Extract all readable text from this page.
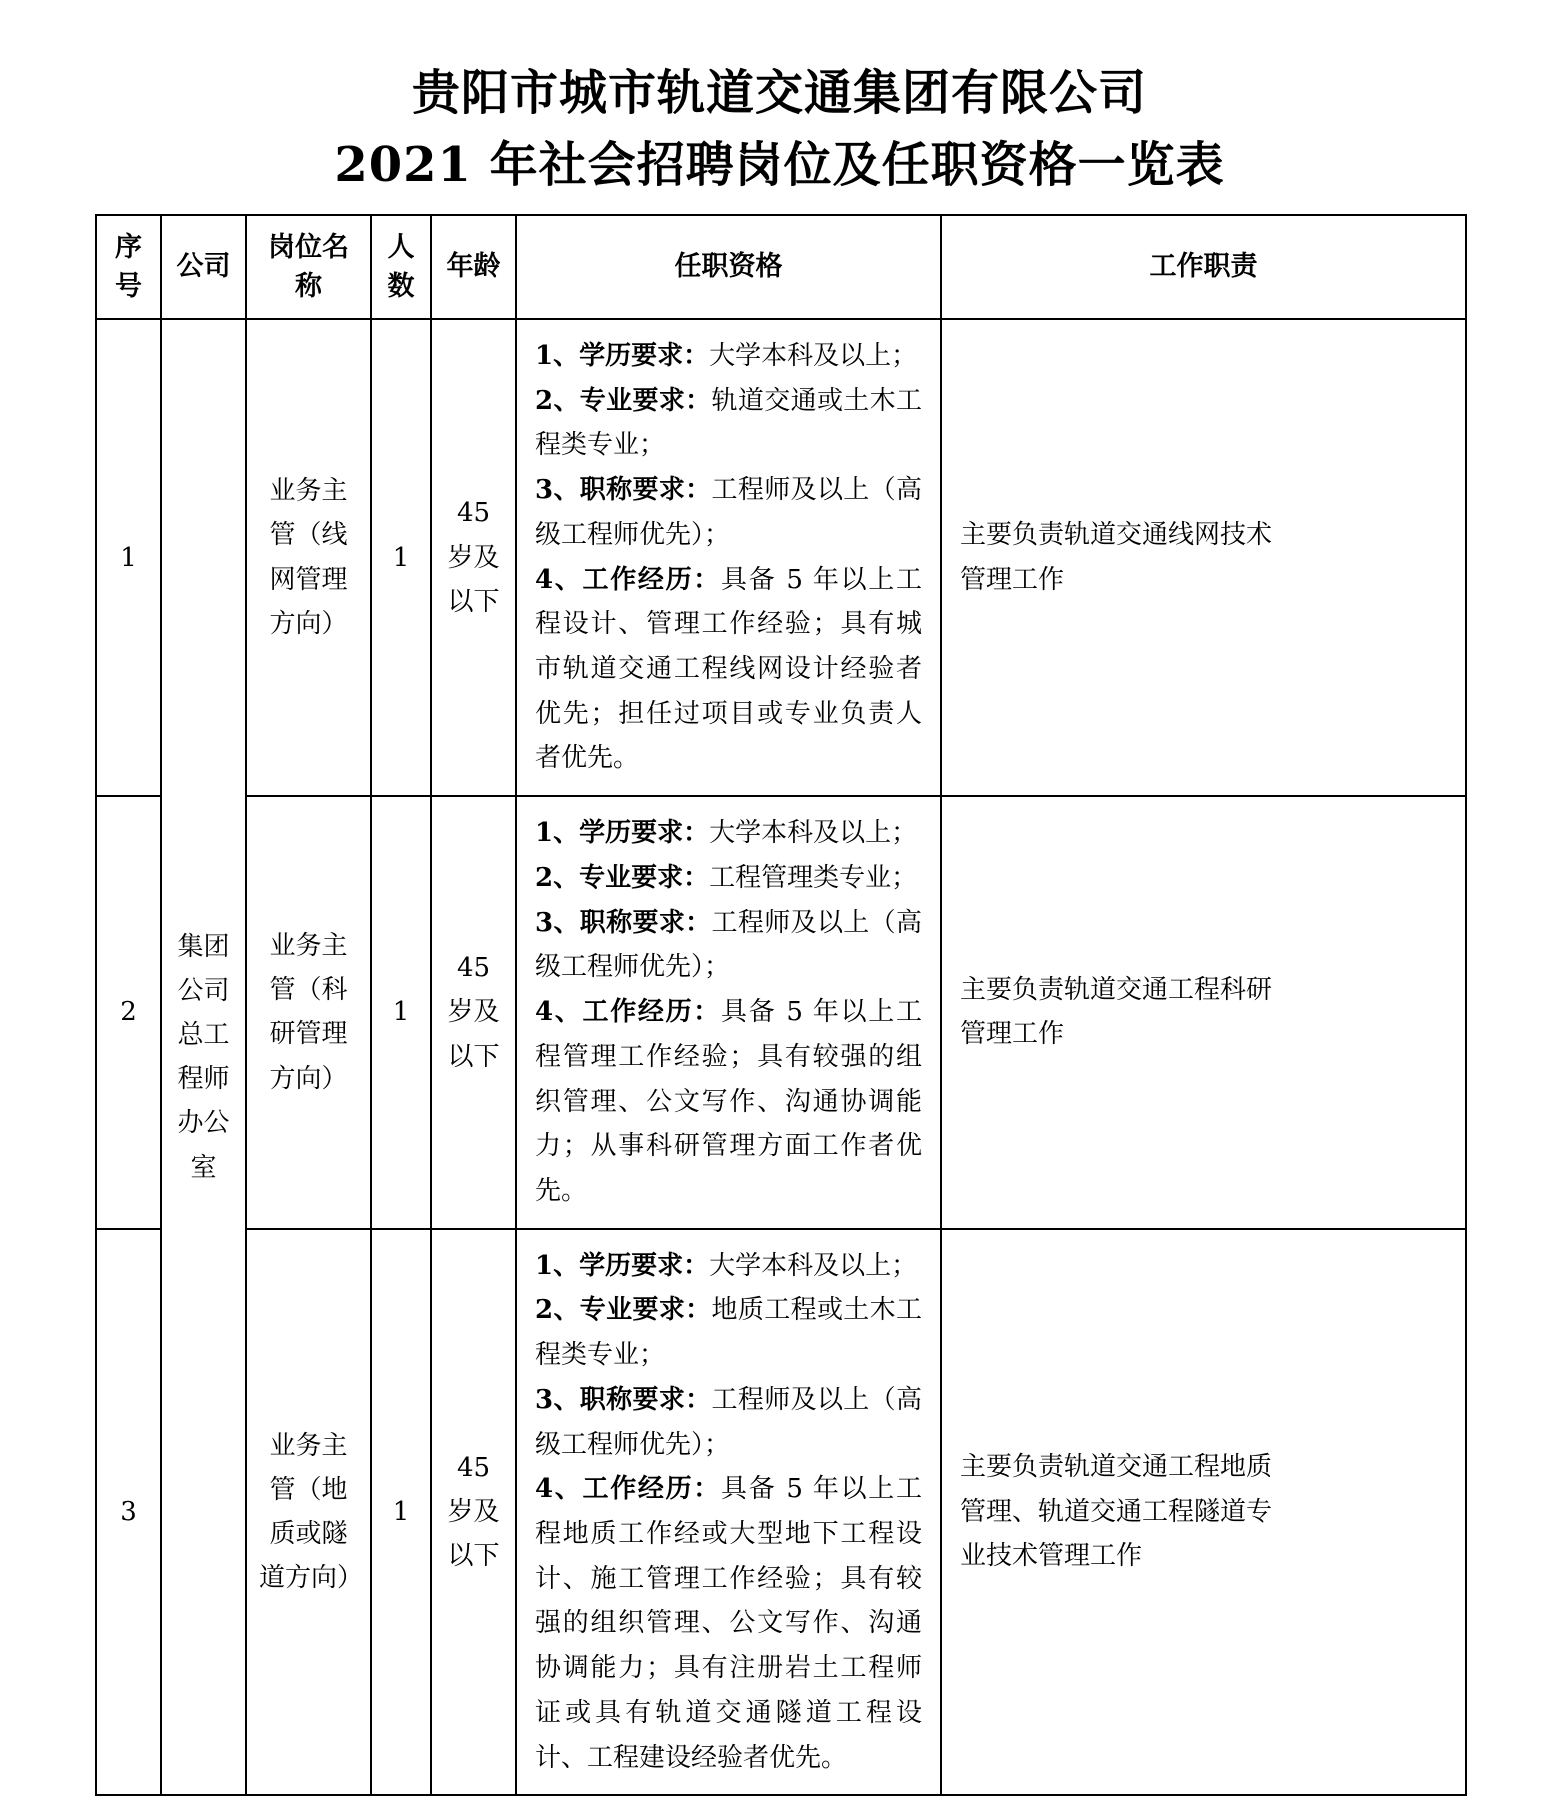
贵阳市城市轨道交通集团有限公司
2021 年社会招聘岗位及任职资格一览表
序号	公司	岗位名称	人数	年龄	任职资格	工作职责
1	集团公司总工程师办公室	业务主管（线网管理方向）	1	45 岁及以下	1、学历要求：大学本科及以上；
2、专业要求：轨道交通或土木工程类专业；
3、职称要求：工程师及以上（高级工程师优先）；
4、工作经历：具备 5 年以上工程设计、管理工作经验；具有城市轨道交通工程线网设计经验者优先；担任过项目或专业负责人者优先。	主要负责轨道交通线网技术管理工作

2		业务主管（科研管理方向）	1	45 岁及以下	1、学历要求：大学本科及以上；
2、专业要求：工程管理类专业；
3、职称要求：工程师及以上（高级工程师优先）；
4、工作经历：具备 5 年以上工程管理工作经验；具有较强的组织管理、公文写作、沟通协调能力；从事科研管理方面工作者优先。	主要负责轨道交通工程科研管理工作

3		业务主管（地质或隧道方向）	1	45 岁及以下	1、学历要求：大学本科及以上；
2、专业要求：地质工程或土木工程类专业；
3、职称要求：工程师及以上（高级工程师优先）；
4、工作经历：具备 5 年以上工程地质工作经或大型地下工程设计、施工管理工作经验；具有较强的组织管理、公文写作、沟通协调能力；具有注册岩土工程师证或具有轨道交通隧道工程设计、工程建设经验者优先。	主要负责轨道交通工程地质管理、轨道交通工程隧道专业技术管理工作
